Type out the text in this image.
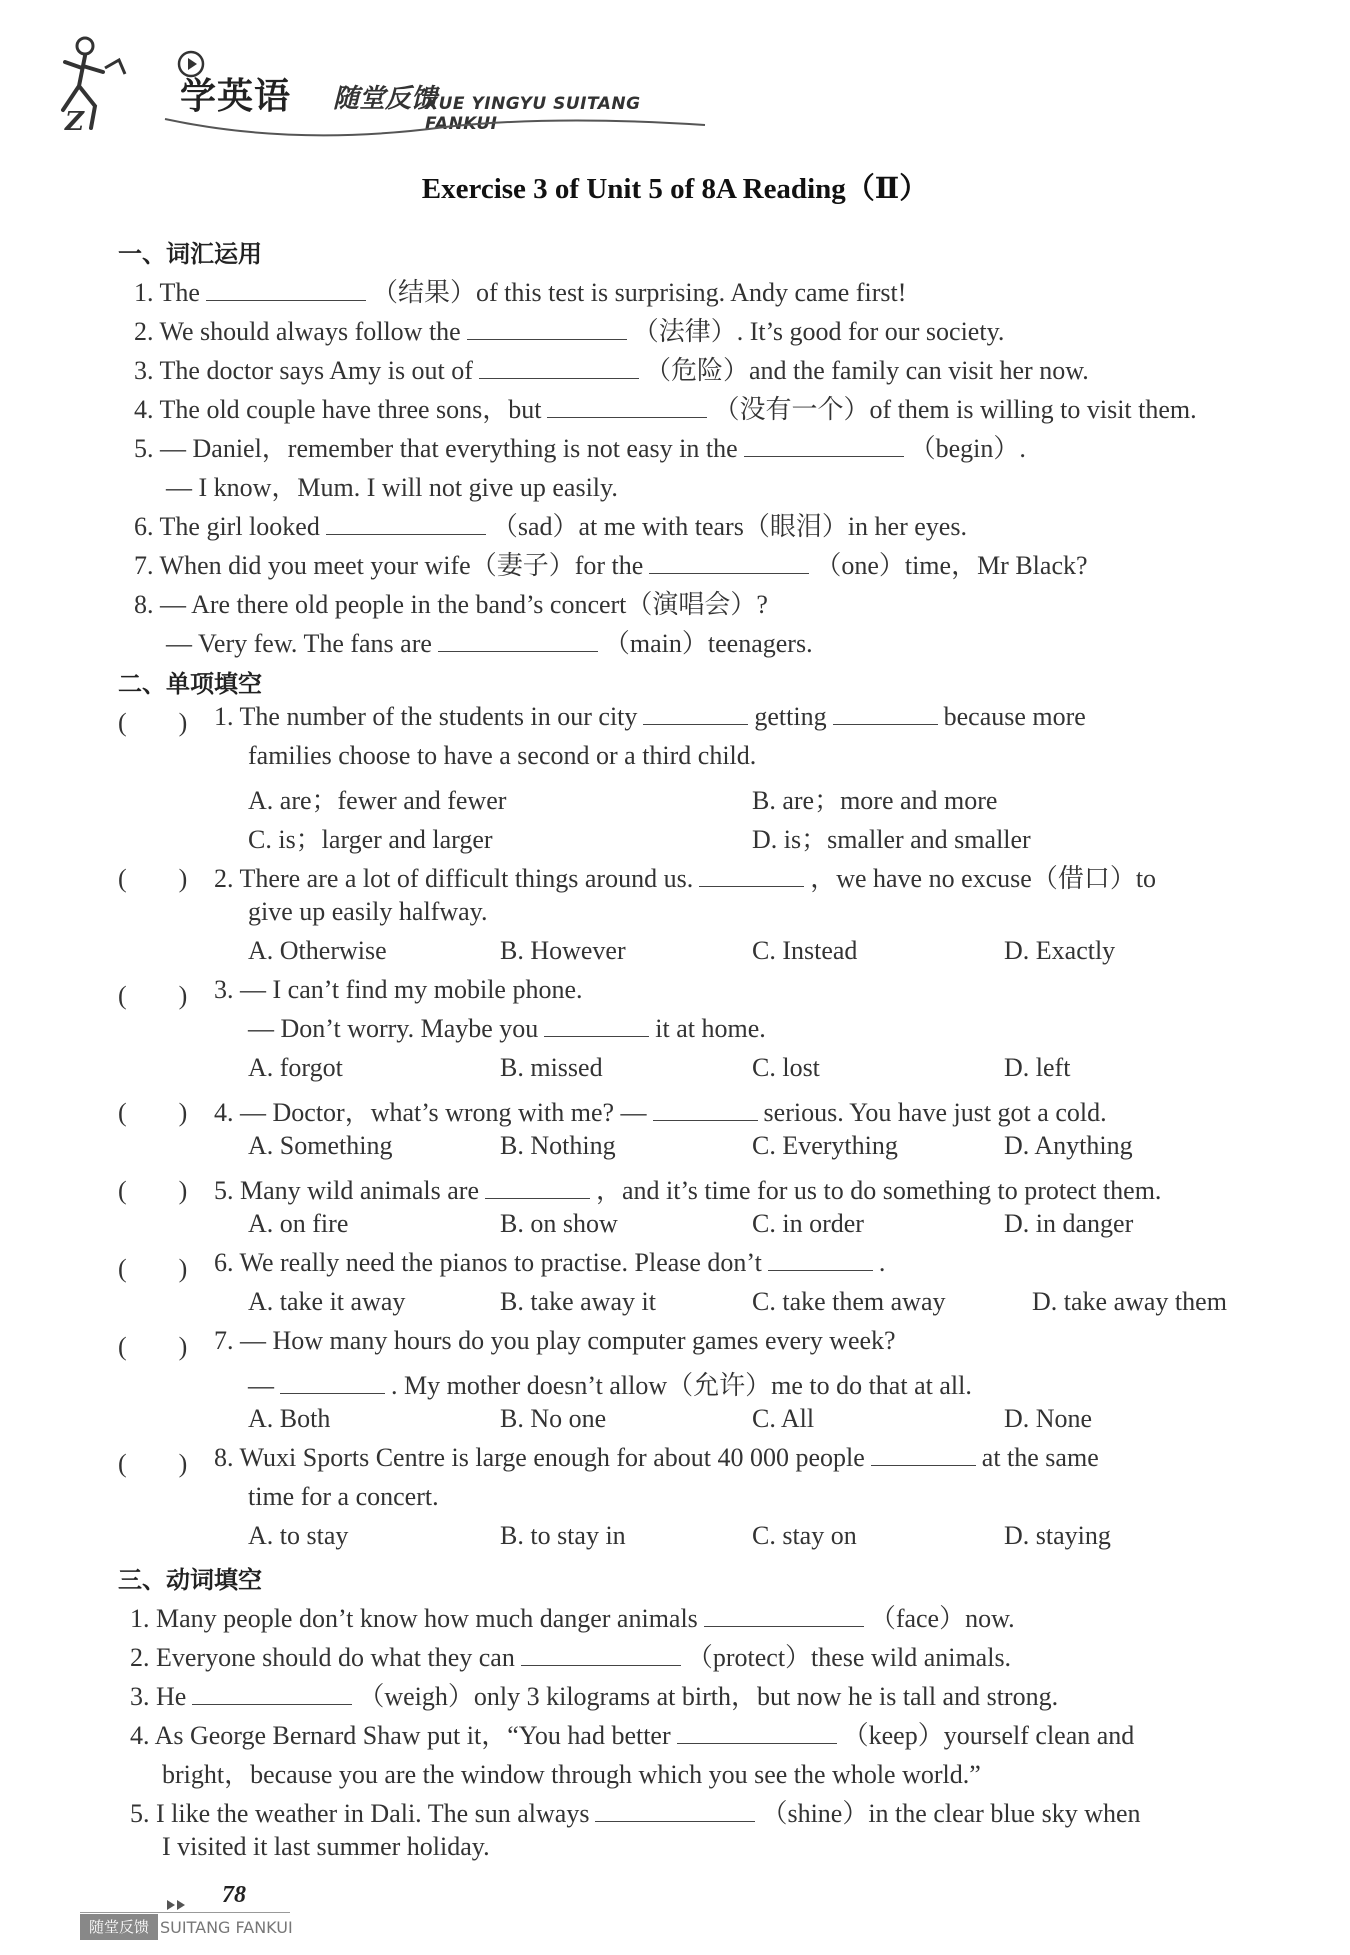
Z
学英语 随堂反馈
XUE YINGYU SUITANG FANKUI
Exercise 3 of Unit 5 of 8A Reading（Ⅱ）
一、词汇运用
1. The	（结果）of this test is surprising. Andy came first!
2. We should always follow the	（法律）. It’s good for our society.
3. The doctor says Amy is out of	（危险）and the family can visit her now.
4. The old couple have three sons，but	（没有一个）of them is willing to visit them.
5. — Daniel，remember that everything is not easy in the	（begin）.
— I know，Mum. I will not give up easily.
6. The girl looked	（sad）at me with tears（眼泪）in her eyes.
7. When did you meet your wife（妻子）for the	（one）time，Mr Black?
8. — Are there old people in the band’s concert（演唱会）?
— Very few. The fans are	（main）teenagers.
二、单项填空
(　　) 1. The number of the students in our city	getting	because more
families choose to have a second or a third child.
A. are；fewer and fewer	B. are；more and more
C. is；larger and larger	D. is；smaller and smaller
(　　) 2. There are a lot of difficult things around us.	，we have no excuse（借口）to
give up easily halfway.
A. Otherwise	B. However	C. Instead	D. Exactly
(　　) 3. — I can’t find my mobile phone.
— Don’t worry. Maybe you	it at home.
A. forgot	B. missed	C. lost	D. left
(　　) 4. — Doctor，what’s wrong with me? —	serious. You have just got a cold.
A. Something	B. Nothing	C. Everything	D. Anything
(　　) 5. Many wild animals are	，and it’s time for us to do something to protect them.
A. on fire	B. on show	C. in order	D. in danger
(　　) 6. We really need the pianos to practise. Please don’t	.
A. take it away	B. take away it	C. take them away	D. take away them
(　　) 7. — How many hours do you play computer games every week?
—	. My mother doesn’t allow（允许）me to do that at all.
A. Both	B. No one	C. All	D. None
(　　) 8. Wuxi Sports Centre is large enough for about 40 000 people	at the same
time for a concert.
A. to stay	B. to stay in	C. stay on	D. staying
三、动词填空
1. Many people don’t know how much danger animals	（face）now.
2. Everyone should do what they can	（protect）these wild animals.
3. He	（weigh）only 3 kilograms at birth，but now he is tall and strong.
4. As George Bernard Shaw put it，“You had better	（keep）yourself clean and
bright，because you are the window through which you see the whole world.”
5. I like the weather in Dali. The sun always	（shine）in the clear blue sky when
I visited it last summer holiday.
78
随堂反馈 SUITANG FANKUI
